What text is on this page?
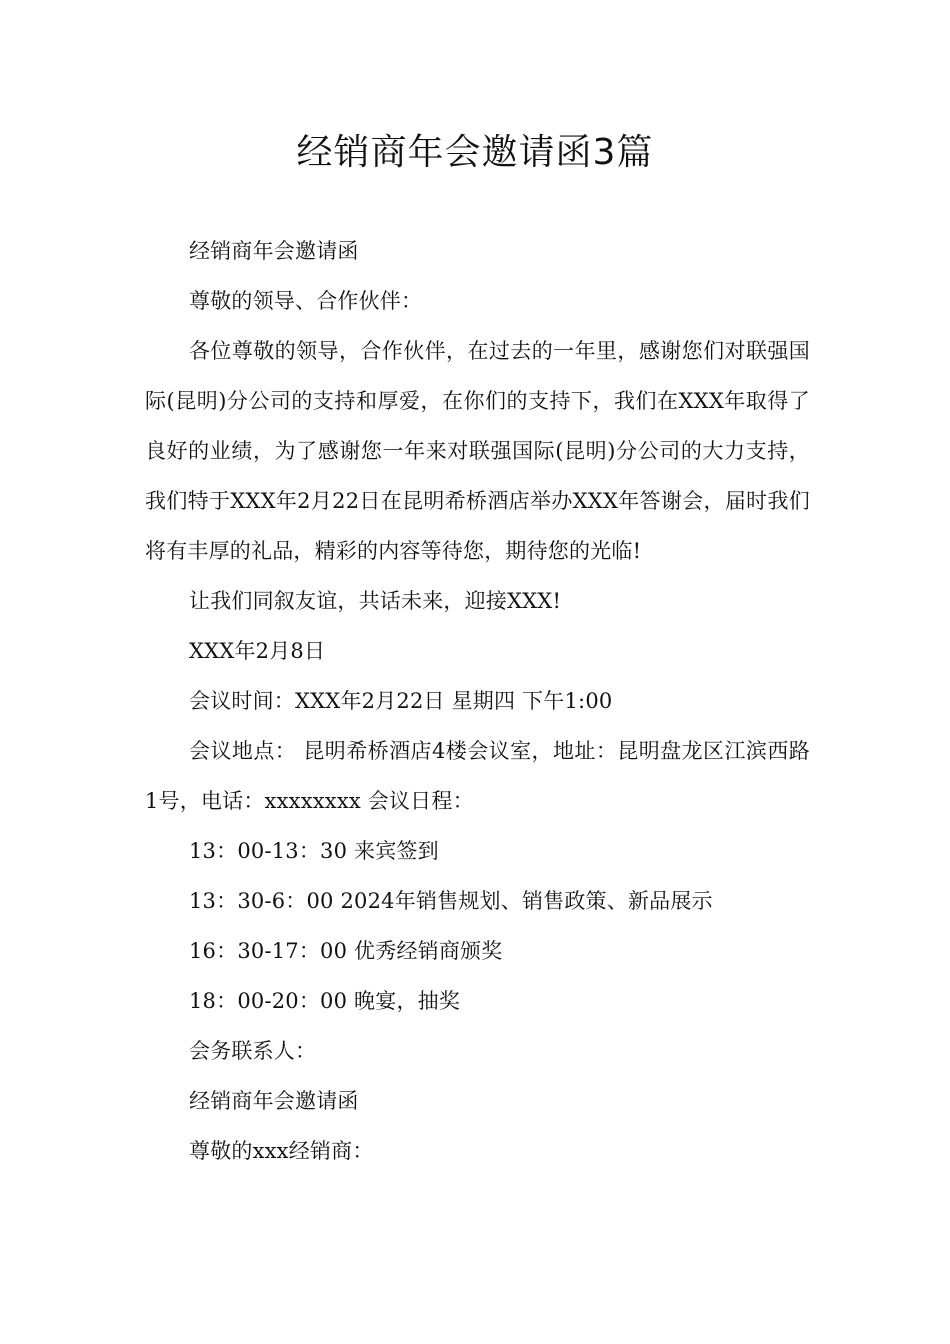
经销商年会邀请函3篇

经销商年会邀请函

尊敬的领导、合作伙伴：

各位尊敬的领导，合作伙伴，在过去的一年里，感谢您们对联强国际(昆明)分公司的支持和厚爱，在你们的支持下，我们在XXX年取得了良好的业绩，为了感谢您一年来对联强国际(昆明)分公司的大力支持，我们特于XXX年2月22日在昆明希桥酒店举办XXX年答谢会，届时我们将有丰厚的礼品，精彩的内容等待您，期待您的光临!

让我们同叙友谊，共话未来，迎接XXX!

XXX年2月8日

会议时间：XXX年2月22日 星期四 下午1:00

会议地点： 昆明希桥酒店4楼会议室，地址：昆明盘龙区江滨西路1号，电话：xxxxxxxx 会议日程：

13：00-13：30 来宾签到

13：30-6：00 2024年销售规划、销售政策、新品展示

16：30-17：00 优秀经销商颁奖

18：00-20：00 晚宴，抽奖

会务联系人：

经销商年会邀请函

尊敬的xxx经销商：
